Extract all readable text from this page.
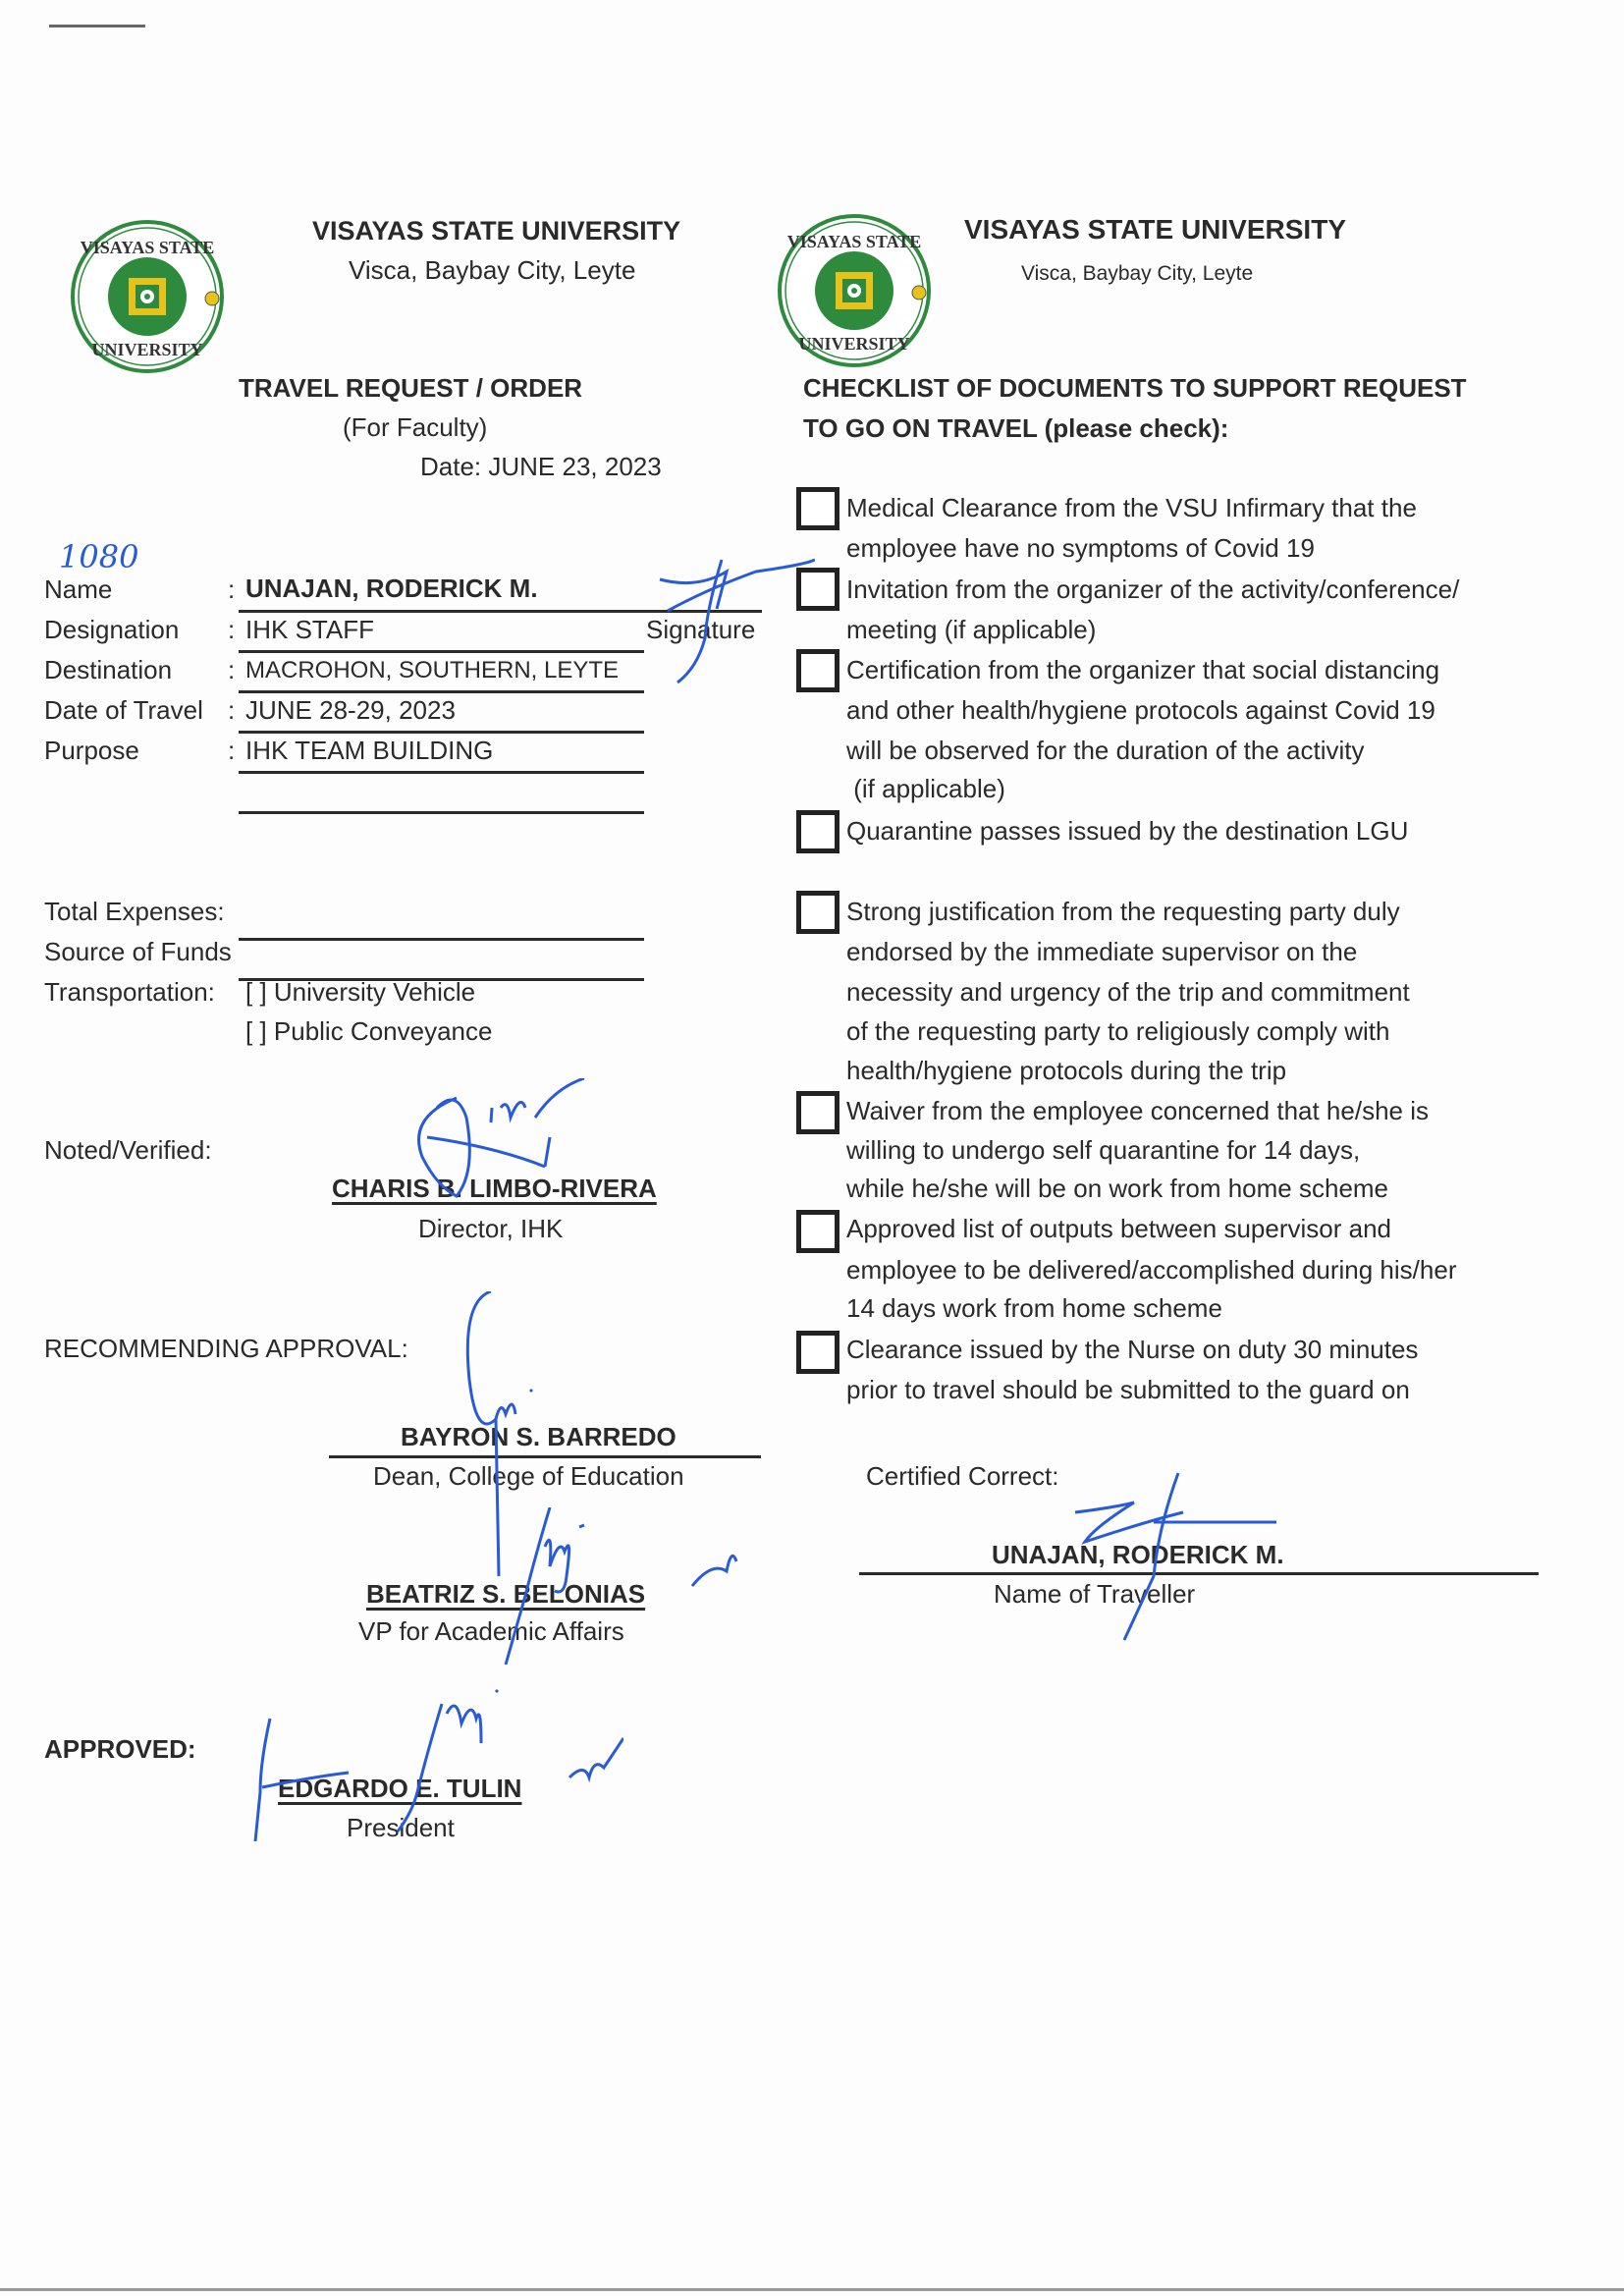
VISAYAS STATE
UNIVERSITY
VISAYAS STATE UNIVERSITY
Visca, Baybay City, Leyte
TRAVEL REQUEST / ORDER
(For Faculty)
Date: JUNE 23, 2023
1080
Name	: UNAJAN, RODERICK M.
Designation : IHK STAFF	Signature
Destination : MACROHON, SOUTHERN, LEYTE
Date of Travel : JUNE 28-29, 2023
Purpose	: IHK TEAM BUILDING
Total Expenses:
Source of Funds
Transportation: [ ] University Vehicle
[ ] Public Conveyance
Noted/Verified:
CHARIS B. LIMBO-RIVERA
Director, IHK
RECOMMENDING APPROVAL:
BAYRON S. BARREDO
Dean, College of Education
BEATRIZ S. BELONIAS
VP for Academic Affairs
APPROVED:
EDGARDO E. TULIN
President
VISAYAS STATE
UNIVERSITY
VISAYAS STATE UNIVERSITY
Visca, Baybay City, Leyte
CHECKLIST OF DOCUMENTS TO SUPPORT REQUEST
TO GO ON TRAVEL (please check):
Medical Clearance from the VSU Infirmary that the
employee have no symptoms of Covid 19
Invitation from the organizer of the activity/conference/
meeting (if applicable)
Certification from the organizer that social distancing
and other health/hygiene protocols against Covid 19
will be observed for the duration of the activity
(if applicable)
Quarantine passes issued by the destination LGU
Strong justification from the requesting party duly
endorsed by the immediate supervisor on the
necessity and urgency of the trip and commitment
of the requesting party to religiously comply with
health/hygiene protocols during the trip
Waiver from the employee concerned that he/she is
willing to undergo self quarantine for 14 days,
while he/she will be on work from home scheme
Approved list of outputs between supervisor and
employee to be delivered/accomplished during his/her
14 days work from home scheme
Clearance issued by the Nurse on duty 30 minutes
prior to travel should be submitted to the guard on
Certified Correct:
UNAJAN, RODERICK M.
Name of Traveller
